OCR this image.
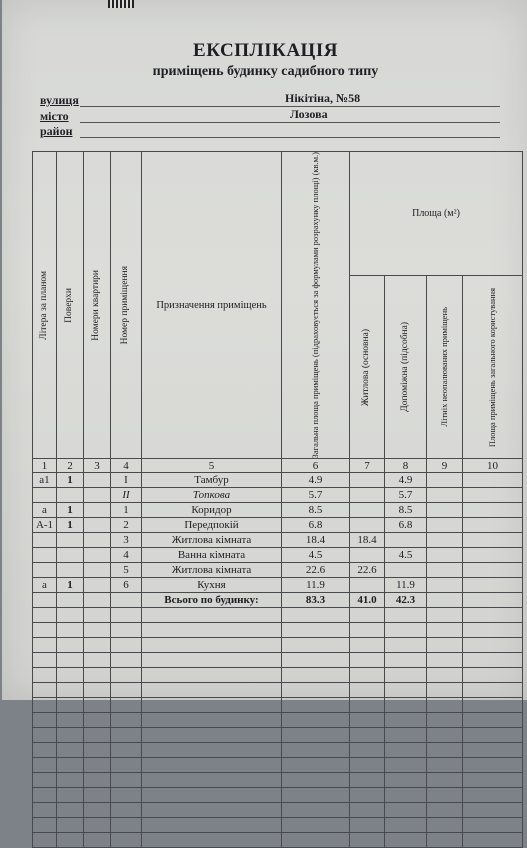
ЕКСПЛІКАЦІЯ
приміщень будинку садибного типу
вулиця	Нікітіна, №58
місто	Лозова
район
Літера за планом	Поверхи	Номери квартири	Номер приміщення	Призначення приміщень	Загальна площа приміщень (підраховується за формулами розрахунку площі) (кв.м.)	Площа (м²)			

						Житлова (основна)	Допоміжна (підсобна)	Літніх неопалюваних приміщень	Площа приміщень загального користування

1	2	3	4	5	6	7	8	9	10
а1	1		I	Тамбур	4.9		4.9		
			II	Топкова	5.7		5.7		
а	1		1	Коридор	8.5		8.5		
А-1	1		2	Передпокій	6.8		6.8		
			3	Житлова кімната	18.4	18.4			
			4	Ванна кімната	4.5		4.5		
			5	Житлова кімната	22.6	22.6			
а	1		6	Кухня	11.9		11.9		
				Всього по будинку:	83.3	41.0	42.3		
